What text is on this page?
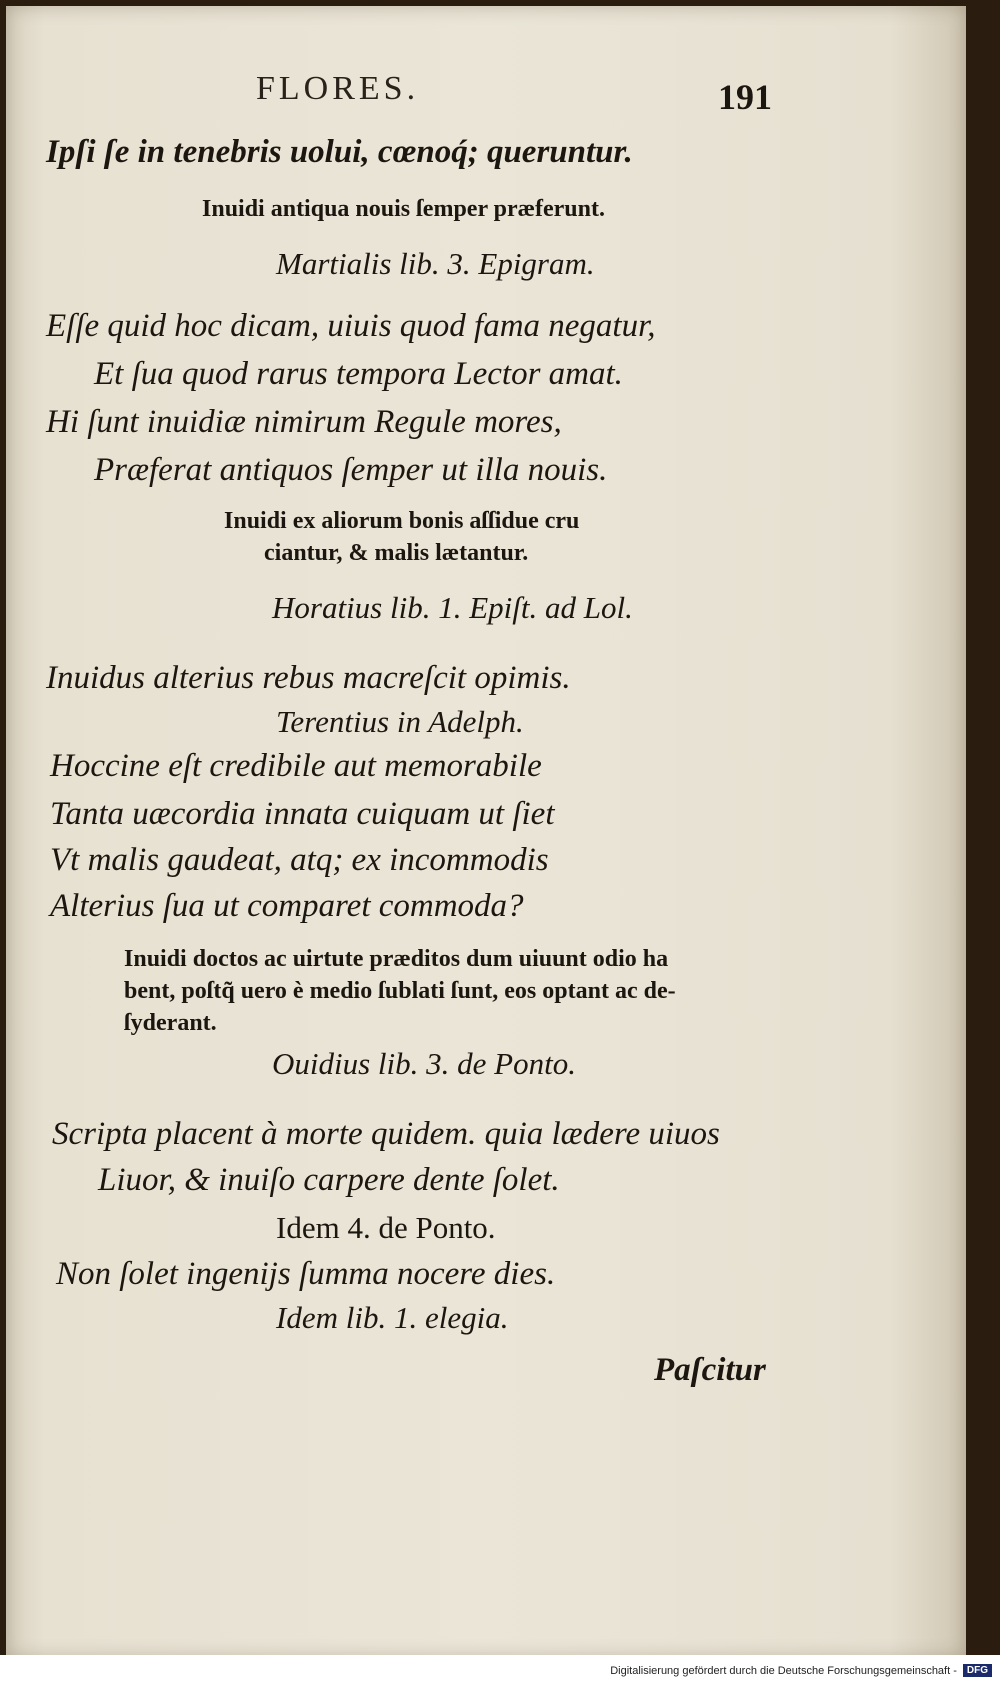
FLORES.	191
Ipſi ſe in tenebris uolui, cœnoq́; queruntur.
Inuidi antiqua nouis ſemper præferunt.
Martialis lib. 3. Epigram.
Eſſe quid hoc dicam, uiuis quod fama negatur,
Et ſua quod rarus tempora Lector amat.
Hi ſunt inuidiæ nimirum Regule mores,
Præferat antiquos ſemper ut illa nouis.
Inuidi ex aliorum bonis aſſidue cru
ciantur, & malis lætantur.
Horatius lib. 1. Epiſt. ad Lol.
Inuidus alterius rebus macreſcit opimis.
Terentius in Adelph.
Hoccine eſt credibile aut memorabile
Tanta uæcordia innata cuiquam ut ſiet
Vt malis gaudeat, atq; ex incommodis
Alterius ſua ut comparet commoda?
Inuidi doctos ac uirtute præditos dum uiuunt odio ha
bent, poſtq̃ uero è medio ſublati ſunt, eos optant ac de-
ſyderant.
Ouidius lib. 3. de Ponto.
Scripta placent à morte quidem. quia lædere uiuos
Liuor, & inuiſo carpere dente ſolet.
Idem 4. de Ponto.
Non ſolet ingenijs ſumma nocere dies.
Idem lib. 1. elegia.
Paſcitur
Digitalisierung gefördert durch die Deutsche Forschungsgemeinschaft -	DFG
